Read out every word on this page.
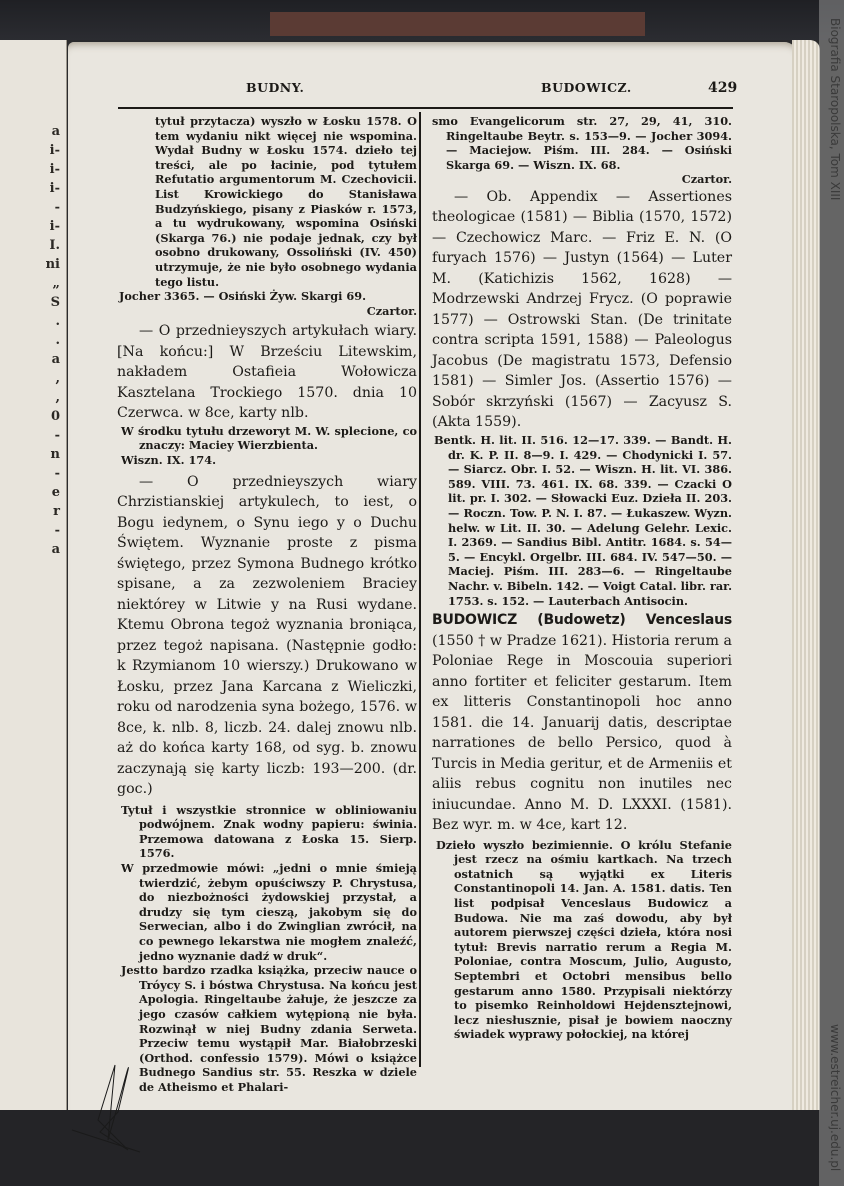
a
i-
i-
i-
-
i-
I.
ni
„
S
.
.
a
,
,
0
-
n
-
e
r
-
a
BUDNY.	BUDOWICZ.	429

tytuł przytacza) wyszło w Łosku 1578. O tem wydaniu nikt więcej nie wspomina. Wydał Budny w Łosku 1574. dzieło tej treści, ale po łacinie, pod tytułem Refutatio argumentorum M. Czechovicii. List Krowickiego do Stanisława Budzyńskiego, pisany z Piasków r. 1573, a tu wydrukowany, wspomina Osiński (Skarga 76.) nie podaje jednak, czy był osobno drukowany, Ossoliński (IV. 450) utrzymuje, że nie było osobnego wydania tego listu.

Jocher 3365. — Osiński Żyw. Skargi 69.

Czartor.

— O przednieyszych artykułach wiary. [Na końcu:] W Brześciu Litewskim, nakładem Ostafieia Wołowicza Kasztelana Trockiego 1570. dnia 10 Czerwca. w 8ce, karty nlb.

W środku tytułu drzeworyt M. W. splecione, co znaczy: Maciey Wierzbienta.

Wiszn. IX. 174.

— O przednieyszych wiary Chrzistianskiej artykulech, to iest, o Bogu iedynem, o Synu iego y o Duchu Świętem. Wyznanie proste z pisma świętego, przez Symona Budnego krótko spisane, a za zezwoleniem Braciey niektórey w Litwie y na Rusi wydane. Ktemu Obrona tegoż wyznania broniąca, przez tegoż napisana. (Następnie godło: k Rzymianom 10 wierszy.) Drukowano w Łosku, przez Jana Karcana z Wieliczki, roku od narodzenia syna bożego, 1576. w 8ce, k. nlb. 8, liczb. 24. dalej znowu nlb. aż do końca karty 168, od syg. b. znowu zaczynają się karty liczb: 193—200. (dr. goc.)

Tytuł i wszystkie stronnice w obliniowaniu podwójnem. Znak wodny papieru: świnia. Przemowa datowana z Łoska 15. Sierp. 1576.

W przedmowie mówi: „jedni o mnie śmieją twierdzić, żebym opuściwszy P. Chrystusa, do niezbożności żydowskiej przystał, a drudzy się tym cieszą, jakobym się do Serwecian, albo i do Zwinglian zwrócił, na co pewnego lekarstwa nie mogłem znaleźć, jedno wyznanie dadź w druk“.

Jestto bardzo rzadka książka, przeciw nauce o Tróycy S. i bóstwa Chrystusa. Na końcu jest Apologia. Ringeltaube żałuje, że jeszcze za jego czasów całkiem wytępioną nie była. Rozwinął w niej Budny zdania Serweta. Przeciw temu wystąpił Mar. Białobrzeski (Orthod. confessio 1579). Mówi o książce Budnego Sandius str. 55. Reszka w dziele de Atheismo et Phalari-

smo Evangelicorum str. 27, 29, 41, 310. Ringeltaube Beytr. s. 153—9. — Jocher 3094. — Maciejow. Piśm. III. 284. — Osiński Skarga 69. — Wiszn. IX. 68.

Czartor.

— Ob. Appendix — Assertiones theologicae (1581) — Biblia (1570, 1572) — Czechowicz Marc. — Friz E. N. (O furyach 1576) — Justyn (1564) — Luter M. (Katichizis 1562, 1628) — Modrzewski Andrzej Frycz. (O poprawie 1577) — Ostrowski Stan. (De trinitate contra scripta 1591, 1588) — Paleologus Jacobus (De magistratu 1573, Defensio 1581) — Simler Jos. (Assertio 1576) — Sobór skrzyński (1567) — Zacyusz S. (Akta 1559).

Bentk. H. lit. II. 516. 12—17. 339. — Bandt. H. dr. K. P. II. 8—9. I. 429. — Chodynicki I. 57. — Siarcz. Obr. I. 52. — Wiszn. H. lit. VI. 386. 589. VIII. 73. 461. IX. 68. 339. — Czacki O lit. pr. I. 302. — Słowacki Euz. Dzieła II. 203. — Roczn. Tow. P. N. I. 87. — Łukaszew. Wyzn. helw. w Lit. II. 30. — Adelung Gelehr. Lexic. I. 2369. — Sandius Bibl. Antitr. 1684. s. 54—5. — Encykl. Orgelbr. III. 684. IV. 547—50. — Maciej. Piśm. III. 283—6. — Ringeltaube Nachr. v. Bibeln. 142. — Voigt Catal. libr. rar. 1753. s. 152. — Lauterbach Antisocin.

BUDOWICZ (Budowetz) Venceslaus (1550 † w Pradze 1621). Historia rerum a Poloniae Rege in Moscouia superiori anno fortiter et feliciter gestarum. Item ex litteris Constantinopoli hoc anno 1581. die 14. Januarij datis, descriptae narrationes de bello Persico, quod à Turcis in Media geritur, et de Armeniis et aliis rebus cognitu non inutiles nec iniucundae. Anno M. D. LXXXI. (1581). Bez wyr. m. w 4ce, kart 12.

Dzieło wyszło bezimiennie. O królu Stefanie jest rzecz na ośmiu kartkach. Na trzech ostatnich są wyjątki ex Literis Constantinopoli 14. Jan. A. 1581. datis. Ten list podpisał Venceslaus Budowicz a Budowa. Nie ma zaś dowodu, aby był autorem pierwszej części dzieła, która nosi tytuł: Brevis narratio rerum a Regia M. Poloniae, contra Moscum, Julio, Augusto, Septembri et Octobri mensibus bello gestarum anno 1580. Przypisali niektórzy to pisemko Reinholdowi Hejdensztejnowi, lecz niesłusznie, pisał je bowiem naoczny świadek wyprawy połockiej, na której

Biografia Staropolska, Tom XIII
www.estreicher.uj.edu.pl
